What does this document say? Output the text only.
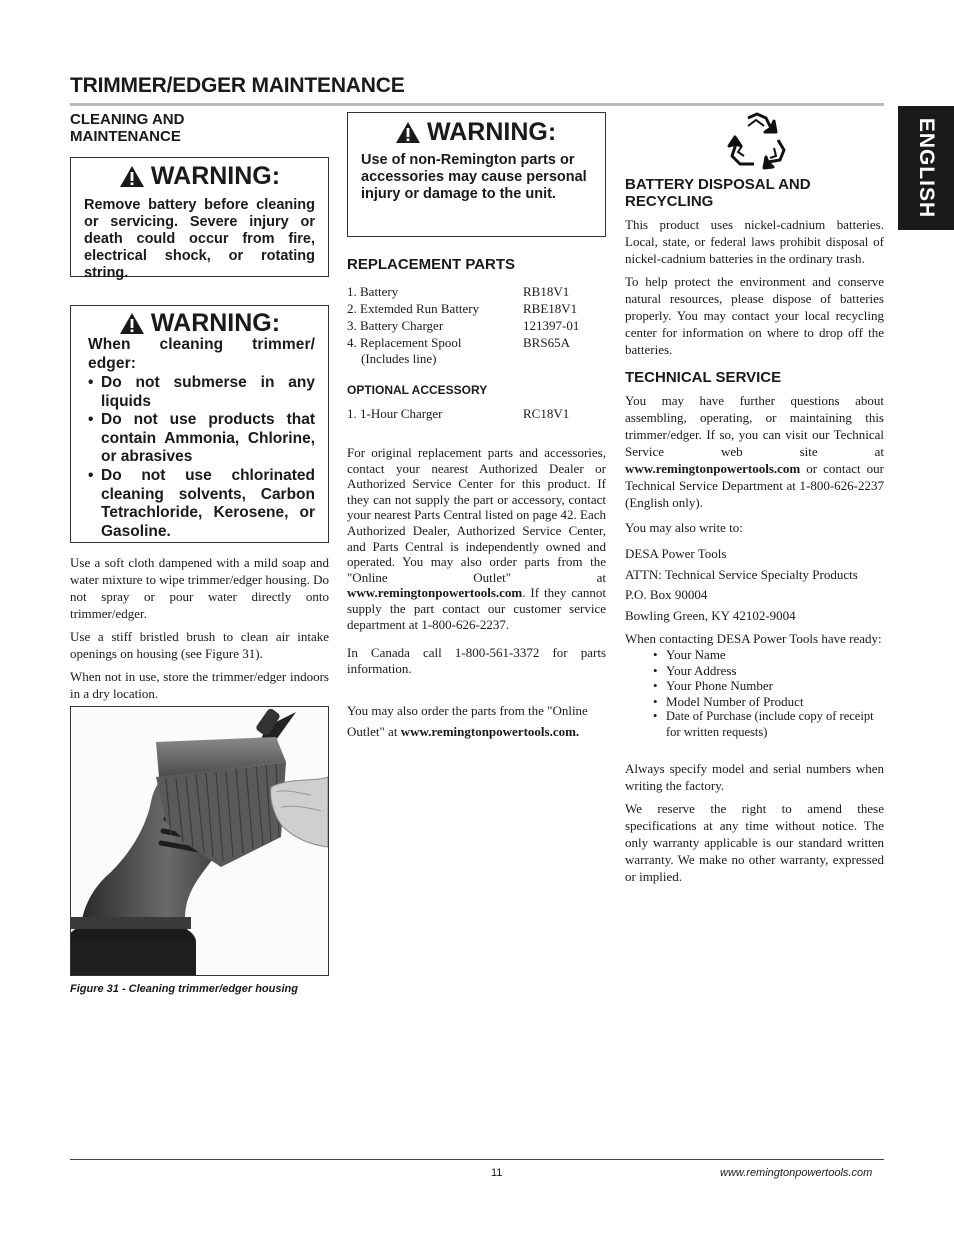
TRIMMER/EDGER MAINTENANCE
ENGLISH
CLEANING AND MAINTENANCE
WARNING:
Remove battery before cleaning or servicing. Severe injury or death could occur from fire, electrical shock, or rotating string.
WARNING:
When cleaning trimmer/ edger:
• Do not submerse in any liquids
• Do not use products that contain Ammonia, Chlorine, or abrasives
• Do not use chlorinated cleaning solvents, Carbon Tetrachloride, Kerosene, or Gasoline.

Use a soft cloth dampened with a mild soap and water mixture to wipe trimmer/edger housing. Do not spray or pour water directly onto trimmer/edger.

Use a stiff bristled brush to clean air intake openings on housing (see Figure 31).

When not in use, store the trimmer/edger indoors in a dry location.

Figure 31 - Cleaning trimmer/edger housing
WARNING:
Use of non-Remington parts or accessories may cause personal injury or damage to the unit.
REPLACEMENT PARTS
1. Battery	RB18V1
2. Extemded Run Battery	RBE18V1
3. Battery Charger	121397-01
4. Replacement Spool	BRS65A
(Includes line)
OPTIONAL ACCESSORY
1. 1-Hour Charger	RC18V1

For original replacement parts and accessories, contact your nearest Authorized Dealer or Authorized Service Center for this product. If they can not supply the part or accessory, contact your nearest Parts Central listed on page 42. Each Authorized Dealer, Authorized Service Center, and Parts Central is independently owned and operated. You may also order parts from the "Online Outlet" at www.remingtonpowertools.com. If they cannot supply the part contact our customer service department at 1-800-626-2237.

In Canada call 1-800-561-3372 for parts information.

You may also order the parts from the "Online Outlet" at www.remingtonpowertools.com.
BATTERY DISPOSAL AND RECYCLING

This product uses nickel-cadnium batteries. Local, state, or federal laws prohibit disposal of nickel-cadnium batteries in the ordinary trash.

To help protect the environment and conserve natural resources, please dispose of batteries properly. You may contact your local recycling center for information on where to drop off the batteries.

TECHNICAL SERVICE

You may have further questions about assembling, operating, or maintaining this trimmer/edger. If so, you can visit our Technical Service web site at www.remingtonpowertools.com or contact our Technical Service Department at 1-800-626-2237 (English only).

You may also write to:

DESA Power Tools
ATTN: Technical Service Specialty Products
P.O. Box 90004
Bowling Green, KY 42102-9004

When contacting DESA Power Tools have ready:

• Your Name
• Your Address
• Your Phone Number
• Model Number of Product
• Date of Purchase (include copy of receipt for written requests)

Always specify model and serial numbers when writing the factory.

We reserve the right to amend these specifications at any time without notice. The only warranty applicable is our standard written warranty. We make no other warranty, expressed or implied.

11	www.remingtonpowertools.com
